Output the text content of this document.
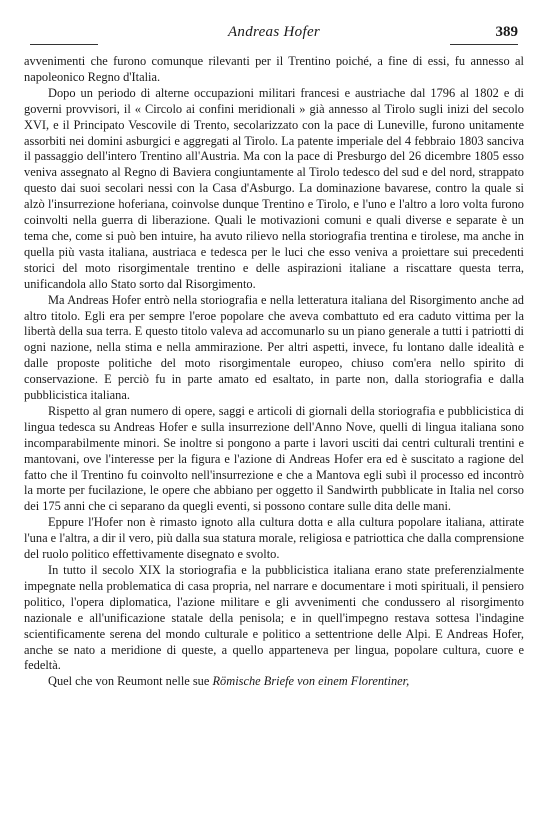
Andreas Hofer	389

avvenimenti che furono comunque rilevanti per il Trentino poiché, a fine di essi, fu annesso al napoleonico Regno d'Italia.

Dopo un periodo di alterne occupazioni militari francesi e austriache dal 1796 al 1802 e di governi provvisori, il « Circolo ai confini meridionali » già annesso al Tirolo sugli inizi del secolo XVI, e il Principato Vescovile di Trento, secolarizzato con la pace di Luneville, furono unitamente assorbiti nei domini asburgici e aggregati al Tirolo. La patente imperiale del 4 febbraio 1803 sanciva il passaggio dell'intero Trentino all'Austria. Ma con la pace di Presburgo del 26 dicembre 1805 esso veniva assegnato al Regno di Baviera congiuntamente al Tirolo tedesco del sud e del nord, strappato questo dai suoi secolari nessi con la Casa d'Asburgo. La dominazione bavarese, contro la quale si alzò l'insurrezione hoferiana, coinvolse dunque Trentino e Tirolo, e l'uno e l'altro a loro volta furono coinvolti nella guerra di liberazione. Quali le motivazioni comuni e quali diverse e separate è un tema che, come si può ben intuire, ha avuto rilievo nella storiografia trentina e tirolese, ma anche in quella più vasta italiana, austriaca e tedesca per le luci che esso veniva a proiettare sui precedenti storici del moto risorgimentale trentino e delle aspirazioni italiane a riscattare questa terra, unificandola allo Stato sorto dal Risorgimento.

Ma Andreas Hofer entrò nella storiografia e nella letteratura italiana del Risorgimento anche ad altro titolo. Egli era per sempre l'eroe popolare che aveva combattuto ed era caduto vittima per la libertà della sua terra. E questo titolo valeva ad accomunarlo su un piano generale a tutti i patriotti di ogni nazione, nella stima e nella ammirazione. Per altri aspetti, invece, fu lontano dalle idealità e dalle proposte politiche del moto risorgimentale europeo, chiuso com'era nello spirito di conservazione. E perciò fu in parte amato ed esaltato, in parte non, dalla storiografia e dalla pubblicistica italiana.

Rispetto al gran numero di opere, saggi e articoli di giornali della storiografia e pubblicistica di lingua tedesca su Andreas Hofer e sulla insurrezione dell'Anno Nove, quelli di lingua italiana sono incomparabilmente minori. Se inoltre si pongono a parte i lavori usciti dai centri culturali trentini e mantovani, ove l'interesse per la figura e l'azione di Andreas Hofer era ed è suscitato a ragione del fatto che il Trentino fu coinvolto nell'insurrezione e che a Mantova egli subì il processo ed incontrò la morte per fucilazione, le opere che abbiano per oggetto il Sandwirth pubblicate in Italia nel corso dei 175 anni che ci separano da quegli eventi, si possono contare sulle dita delle mani.

Eppure l'Hofer non è rimasto ignoto alla cultura dotta e alla cultura popolare italiana, attirate l'una e l'altra, a dir il vero, più dalla sua statura morale, religiosa e patriottica che dalla comprensione del ruolo politico effettivamente disegnato e svolto.

In tutto il secolo XIX la storiografia e la pubblicistica italiana erano state preferenzialmente impegnate nella problematica di casa propria, nel narrare e documentare i moti spirituali, il pensiero politico, l'opera diplomatica, l'azione militare e gli avvenimenti che condussero al risorgimento nazionale e all'unificazione statale della penisola; e in quell'impegno restava sottesa l'indagine scientificamente serena del mondo culturale e politico a settentrione delle Alpi. E Andreas Hofer, anche se nato a meridione di queste, a quello apparteneva per lingua, popolare cultura, cuore e fedeltà.

Quel che von Reumont nelle sue Römische Briefe von einem Florentiner,
